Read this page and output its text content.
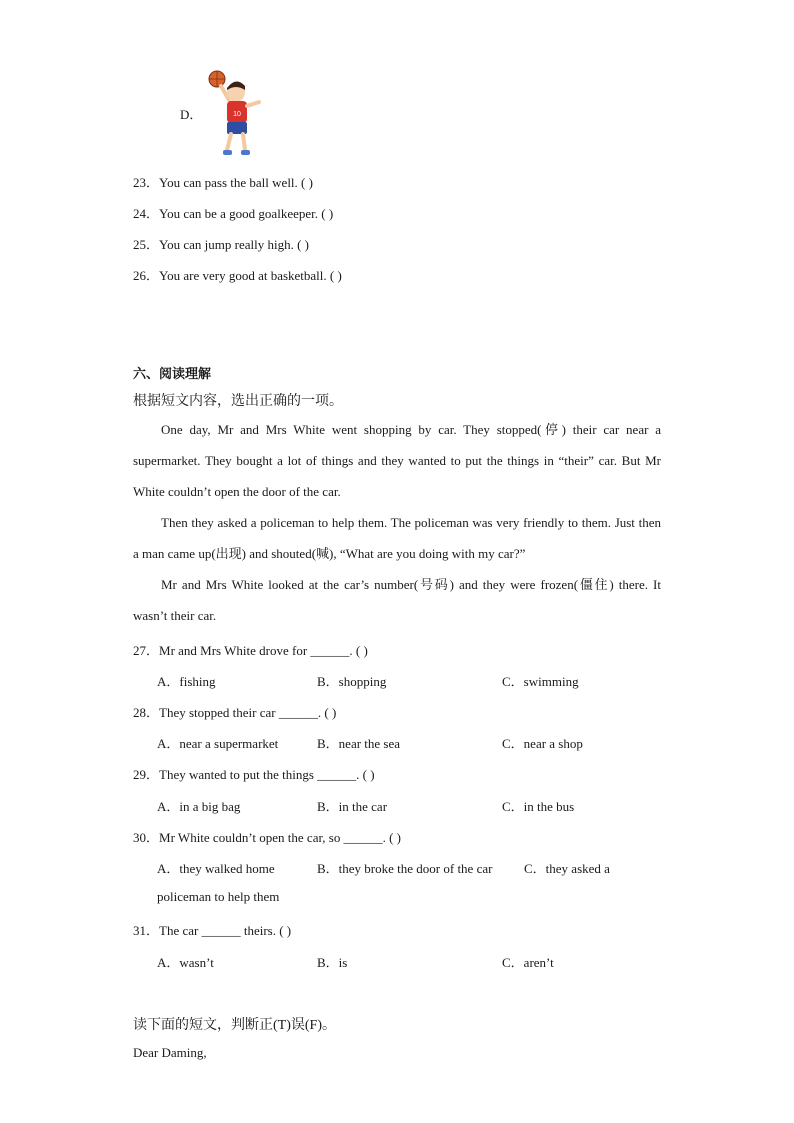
D．	10
23．You can pass the ball well. ( )
24．You can be a good goalkeeper. ( )
25．You can jump really high. ( )
26．You are very good at basketball. ( )
六、阅读理解
根据短文内容，选出正确的一项。
One day, Mr and Mrs White went shopping by car. They stopped(停) their car near a supermarket. They bought a lot of things and they wanted to put the things in “their” car. But Mr White couldn’t open the door of the car.
Then they asked a policeman to help them. The policeman was very friendly to them. Just then a man came up(出现) and shouted(喊), “What are you doing with my car?”
Mr and Mrs White looked at the car’s number(号码) and they were frozen(僵住) there. It wasn’t their car.
27．Mr and Mrs White drove for ______. ( )
A．fishing	B．shopping	C．swimming
28．They stopped their car ______. ( )
A．near a supermarket	B．near the sea	C．near a shop
29．They wanted to put the things ______. ( )
A．in a big bag	B．in the car	C．in the bus
30．Mr White couldn’t open the car, so ______. ( )
A．they walked home	B．they broke the door of the car C．they asked a
policeman to help them
31．The car ______ theirs. ( )
A．wasn’t	B．is	C．aren’t
读下面的短文，判断正(T)误(F)。
Dear Daming,
